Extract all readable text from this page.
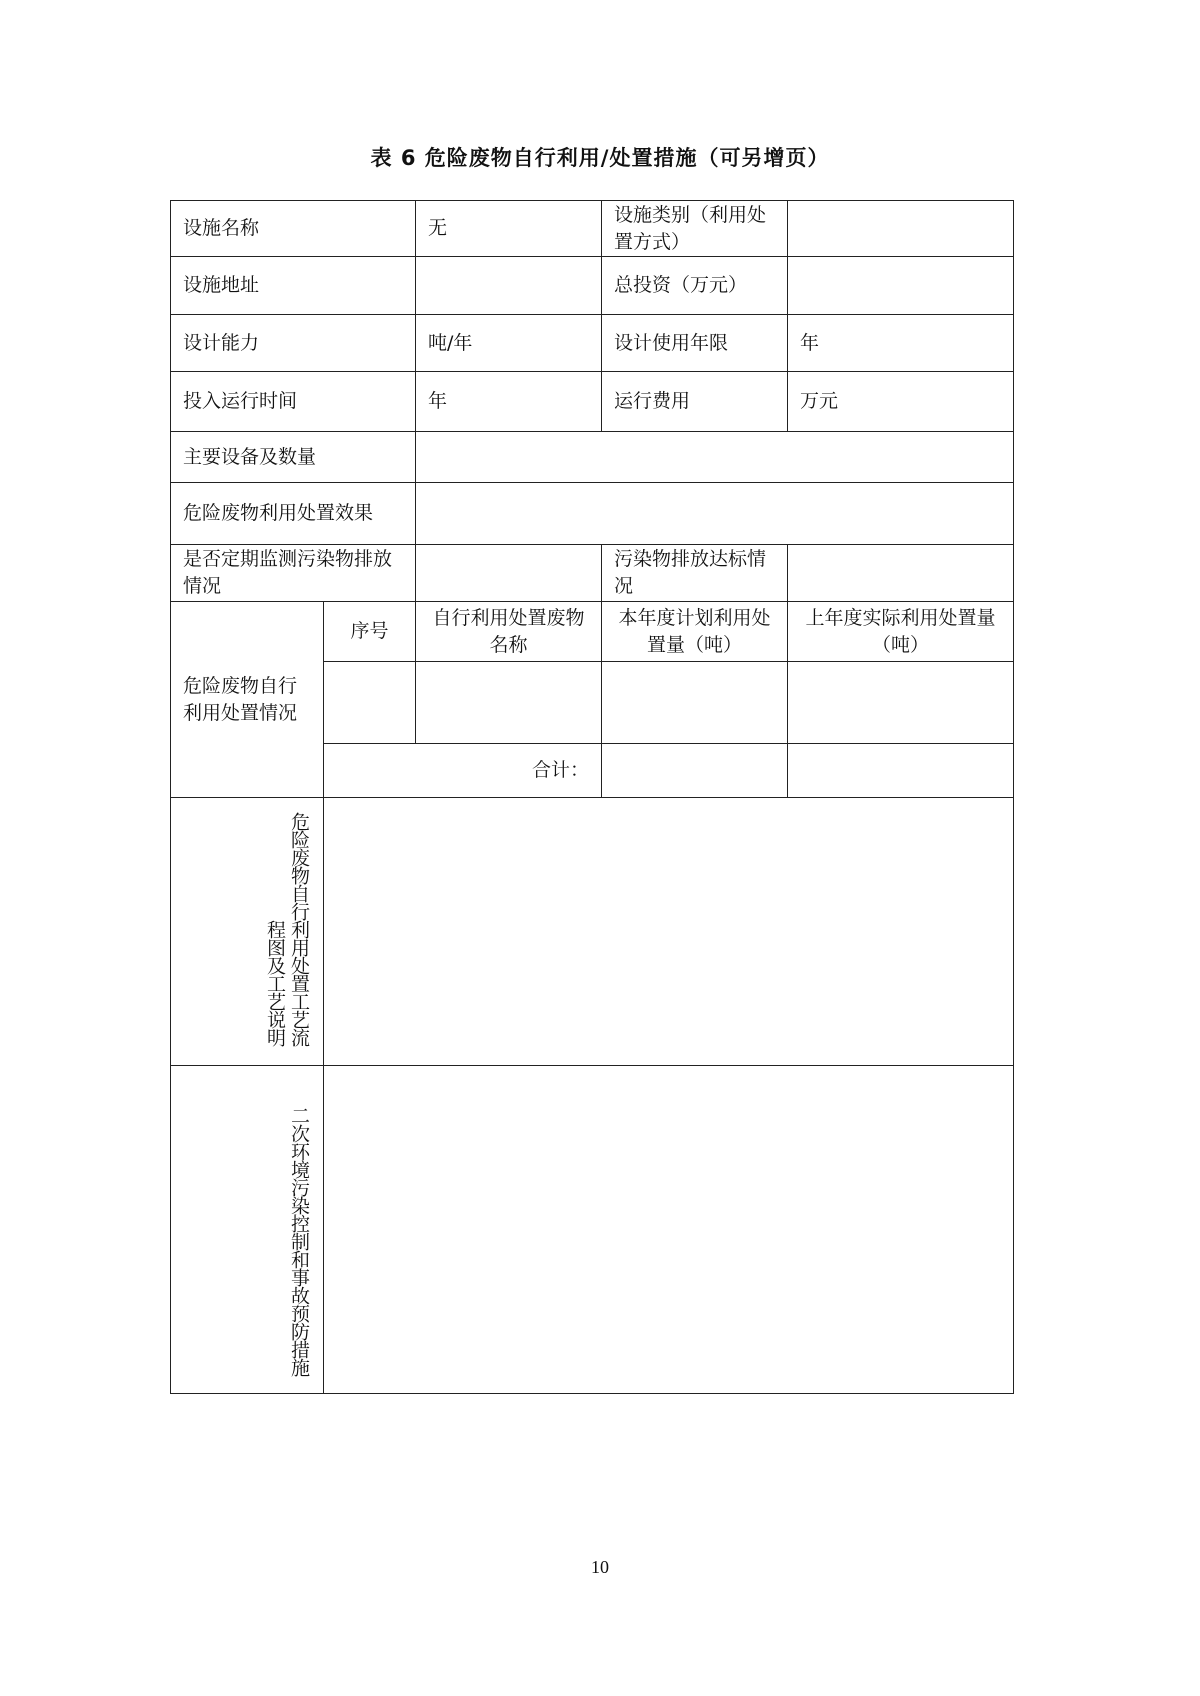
表 6 危险废物自行利用/处置措施（可另增页）
设施名称		无	设施类别（利用处置方式）	
设施地址			总投资（万元）	
设计能力		吨/年	设计使用年限	年
投入运行时间		年	运行费用	万元
主要设备及数量				
危险废物利用处置效果				
是否定期监测污染物排放情况			污染物排放达标情况	
危险废物自行利用处置情况	序号	自行利用处置废物名称	本年度计划利用处置量（吨）	上年度实际利用处置量（吨）

	合计：			
危险废物自行利用处置工艺流程图及工艺说明				
二次环境污染控制和事故预防措施				
10
